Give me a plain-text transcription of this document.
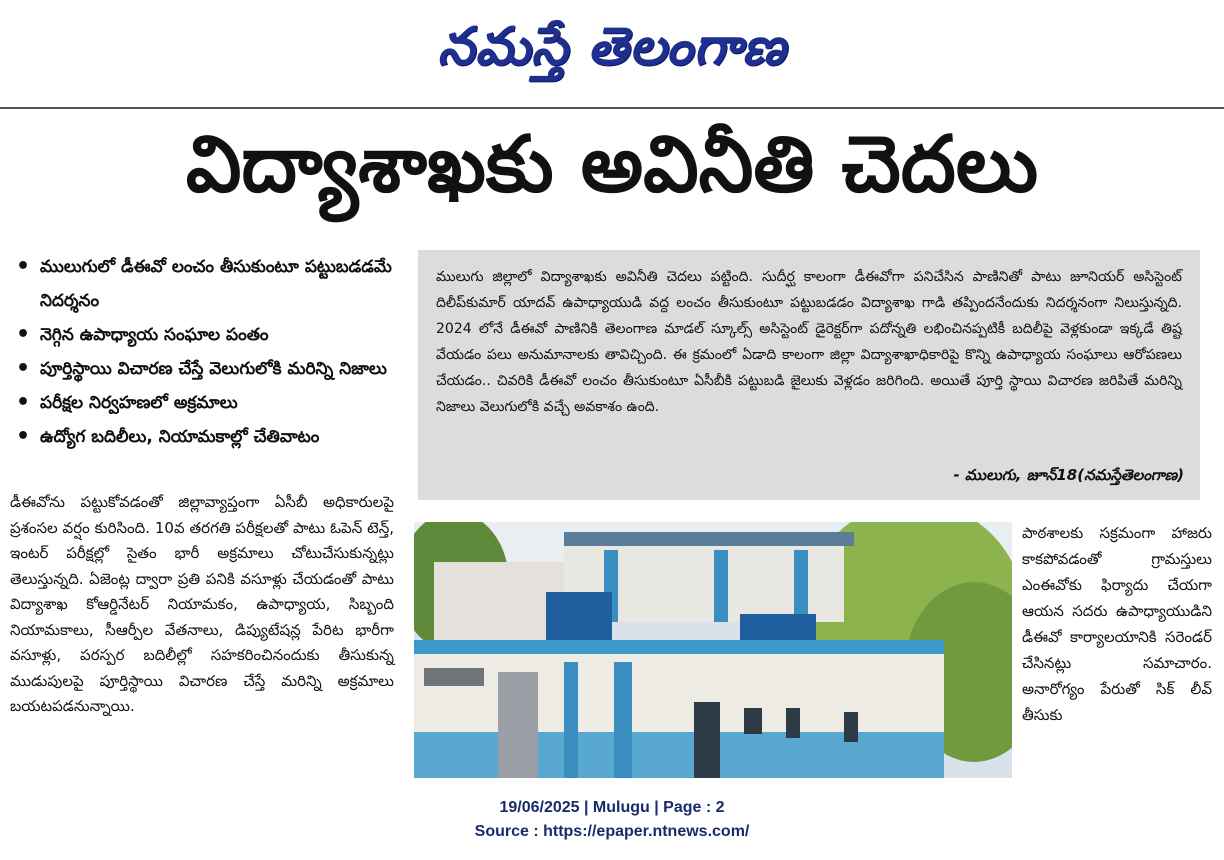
నమస్తే తెలంగాణ
విద్యాశాఖకు అవినీతి చెదలు
• ములుగులో డీఈవో లంచం తీసుకుంటూ పట్టుబడడమే నిదర్శనం
• నెగ్గిన ఉపాధ్యాయ సంఘాల పంతం
• పూర్తిస్థాయి విచారణ చేస్తే వెలుగులోకి మరిన్ని నిజాలు
• పరీక్షల నిర్వహణలో అక్రమాలు
• ఉద్యోగ బదిలీలు, నియామకాల్లో చేతివాటం
డీఈవోను పట్టుకోవడంతో జిల్లావ్యాప్తంగా ఏసీబీ అధికారులపై ప్రశంసల వర్షం కురిసింది. 10వ తరగతి పరీక్షలతో పాటు ఓపెన్ టెన్త్, ఇంటర్ పరీక్షల్లో సైతం భారీ అక్రమాలు చోటుచేసుకున్నట్లు తెలుస్తున్నది. ఏజెంట్ల ద్వారా ప్రతి పనికి వసూళ్లు చేయడంతో పాటు విద్యాశాఖ కోఆర్డినేటర్ నియామకం, ఉపాధ్యాయ, సిబ్బంది నియామకాలు, సీఆర్పీల వేతనాలు, డిప్యుటేషన్ల పేరిట భారీగా వసూళ్లు, పరస్పర బదిలీల్లో సహకరించినందుకు తీసుకున్న ముడుపులపై పూర్తిస్థాయి విచారణ చేస్తే మరిన్ని అక్రమాలు బయటపడనున్నాయి.
ములుగు జిల్లాలో విద్యాశాఖకు అవినీతి చెదలు పట్టింది. సుదీర్ఘ కాలంగా డీఈవోగా పనిచేసిన పాణినితో పాటు జూనియర్ అసిస్టెంట్ దిలీప్‌కుమార్ యాదవ్ ఉపాధ్యాయుడి వద్ద లంచం తీసుకుంటూ పట్టుబడడం విద్యాశాఖ గాడి తప్పిందనేందుకు నిదర్శనంగా నిలుస్తున్నది. 2024 లోనే డీఈవో పాణినికి తెలంగాణ మాడల్ స్కూల్స్ అసిస్టెంట్ డైరెక్టర్‌గా పదోన్నతి లభించినప్పటికీ బదిలీపై వెళ్లకుండా ఇక్కడే తిష్ట వేయడం పలు అనుమానాలకు తావిచ్చింది. ఈ క్రమంలో ఏడాది కాలంగా జిల్లా విద్యాశాఖాధికారిపై కొన్ని ఉపాధ్యాయ సంఘాలు ఆరోపణలు చేయడం.. చివరికి డీఈవో లంచం తీసుకుంటూ ఏసీబీకి పట్టుబడి జైలుకు వెళ్లడం జరిగింది. అయితే పూర్తి స్థాయి విచారణ జరిపితే మరిన్ని నిజాలు వెలుగులోకి వచ్చే అవకాశం ఉంది.
- ములుగు, జూన్18(నమస్తేతెలంగాణ)
పాఠశాలకు సక్రమంగా హాజరు కాకపోవడంతో గ్రామస్తులు ఎంఈవోకు ఫిర్యాదు చేయగా ఆయన సదరు ఉపాధ్యాయుడిని డీఈవో కార్యాలయానికి సరెండర్ చేసినట్లు సమాచారం. అనారోగ్యం పేరుతో సిక్ లీవ్ తీసుకు
19/06/2025 | Mulugu | Page : 2
Source : https://epaper.ntnews.com/
